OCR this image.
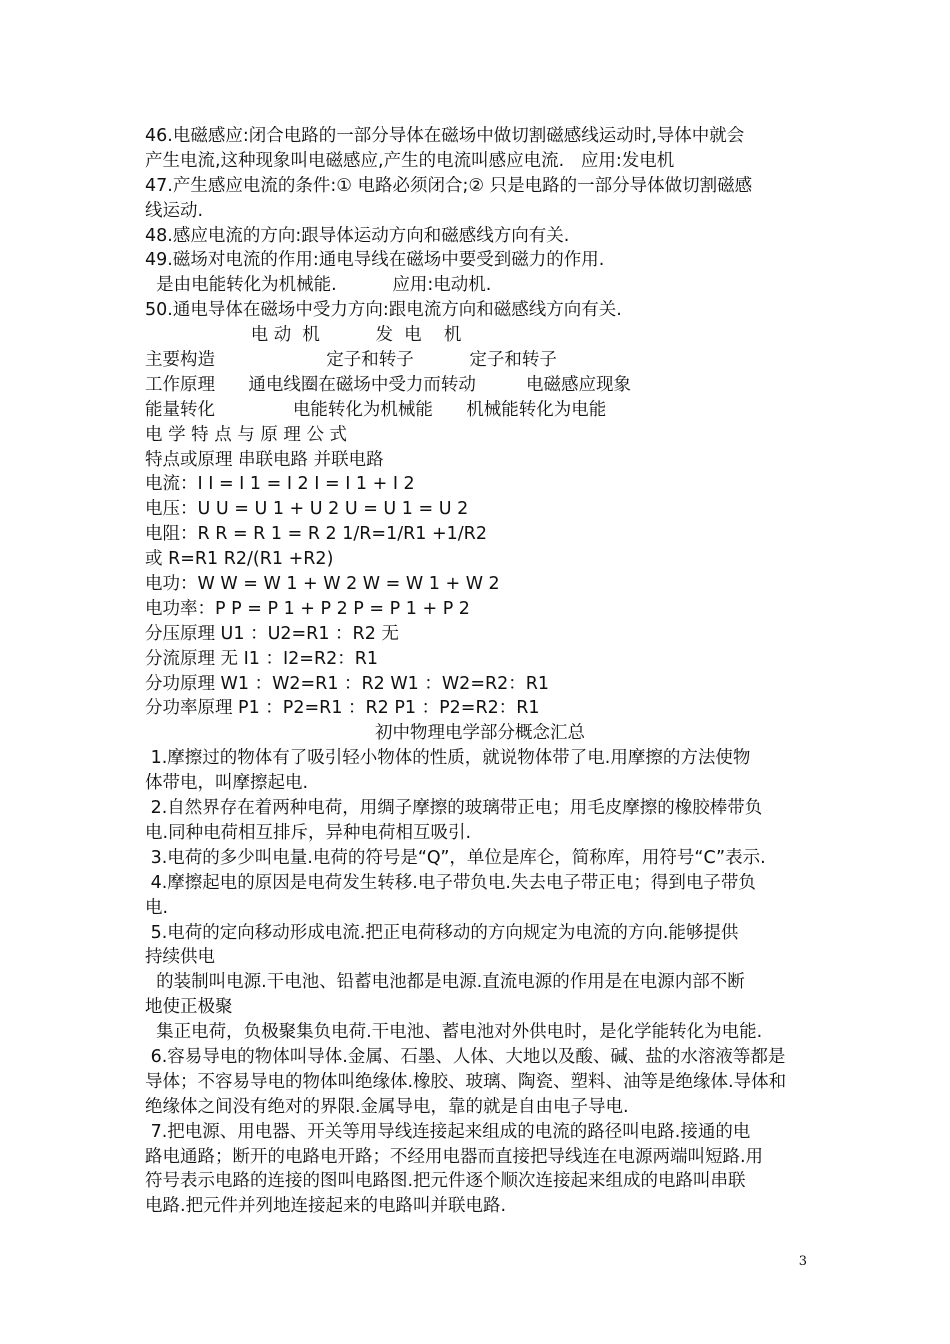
46.电磁感应:闭合电路的一部分导体在磁场中做切割磁感线运动时,导体中就会
产生电流,这种现象叫电磁感应,产生的电流叫感应电流.   应用:发电机
47.产生感应电流的条件:① 电路必须闭合;② 只是电路的一部分导体做切割磁感
线运动.
48.感应电流的方向:跟导体运动方向和磁感线方向有关.
49.磁场对电流的作用:通电导线在磁场中要受到磁力的作用.
是由电能转化为机械能.          应用:电动机.
50.通电导体在磁场中受力方向:跟电流方向和磁感线方向有关.
电 动  机          发  电    机
主要构造                    定子和转子          定子和转子
工作原理      通电线圈在磁场中受力而转动         电磁感应现象
能量转化              电能转化为机械能      机械能转化为电能
电 学 特 点 与 原 理 公 式
特点或原理 串联电路 并联电路
电流：I I = I 1 = I 2 I = I 1 + I 2
电压：U U = U 1 + U 2 U = U 1 = U 2
电阻：R R = R 1 = R 2 1/R=1/R1 +1/R2
或 R=R1 R2/(R1 +R2)
电功：W W = W 1 + W 2 W = W 1 + W 2
电功率：P P = P 1 + P 2 P = P 1 + P 2
分压原理 U1 ：U2=R1 ：R2 无
分流原理 无 I1 ：I2=R2：R1
分功原理 W1 ：W2=R1 ：R2 W1 ：W2=R2：R1
分功率原理 P1 ：P2=R1 ：R2 P1 ：P2=R2：R1
初中物理电学部分概念汇总
1.摩擦过的物体有了吸引轻小物体的性质，就说物体带了电.用摩擦的方法使物
体带电，叫摩擦起电.
2.自然界存在着两种电荷，用绸子摩擦的玻璃带正电；用毛皮摩擦的橡胶棒带负
电.同种电荷相互排斥，异种电荷相互吸引.
3.电荷的多少叫电量.电荷的符号是“Q”，单位是库仑，简称库，用符号“C”表示.
4.摩擦起电的原因是电荷发生转移.电子带负电.失去电子带正电；得到电子带负
电.
5.电荷的定向移动形成电流.把正电荷移动的方向规定为电流的方向.能够提供
持续供电
的装制叫电源.干电池、铅蓄电池都是电源.直流电源的作用是在电源内部不断
地使正极聚
集正电荷，负极聚集负电荷.干电池、蓄电池对外供电时，是化学能转化为电能.
6.容易导电的物体叫导体.金属、石墨、人体、大地以及酸、碱、盐的水溶液等都是
导体；不容易导电的物体叫绝缘体.橡胶、玻璃、陶瓷、塑料、油等是绝缘体.导体和
绝缘体之间没有绝对的界限.金属导电，靠的就是自由电子导电.
7.把电源、用电器、开关等用导线连接起来组成的电流的路径叫电路.接通的电
路电通路；断开的电路电开路；不经用电器而直接把导线连在电源两端叫短路.用
符号表示电路的连接的图叫电路图.把元件逐个顺次连接起来组成的电路叫串联
电路.把元件并列地连接起来的电路叫并联电路.
3
